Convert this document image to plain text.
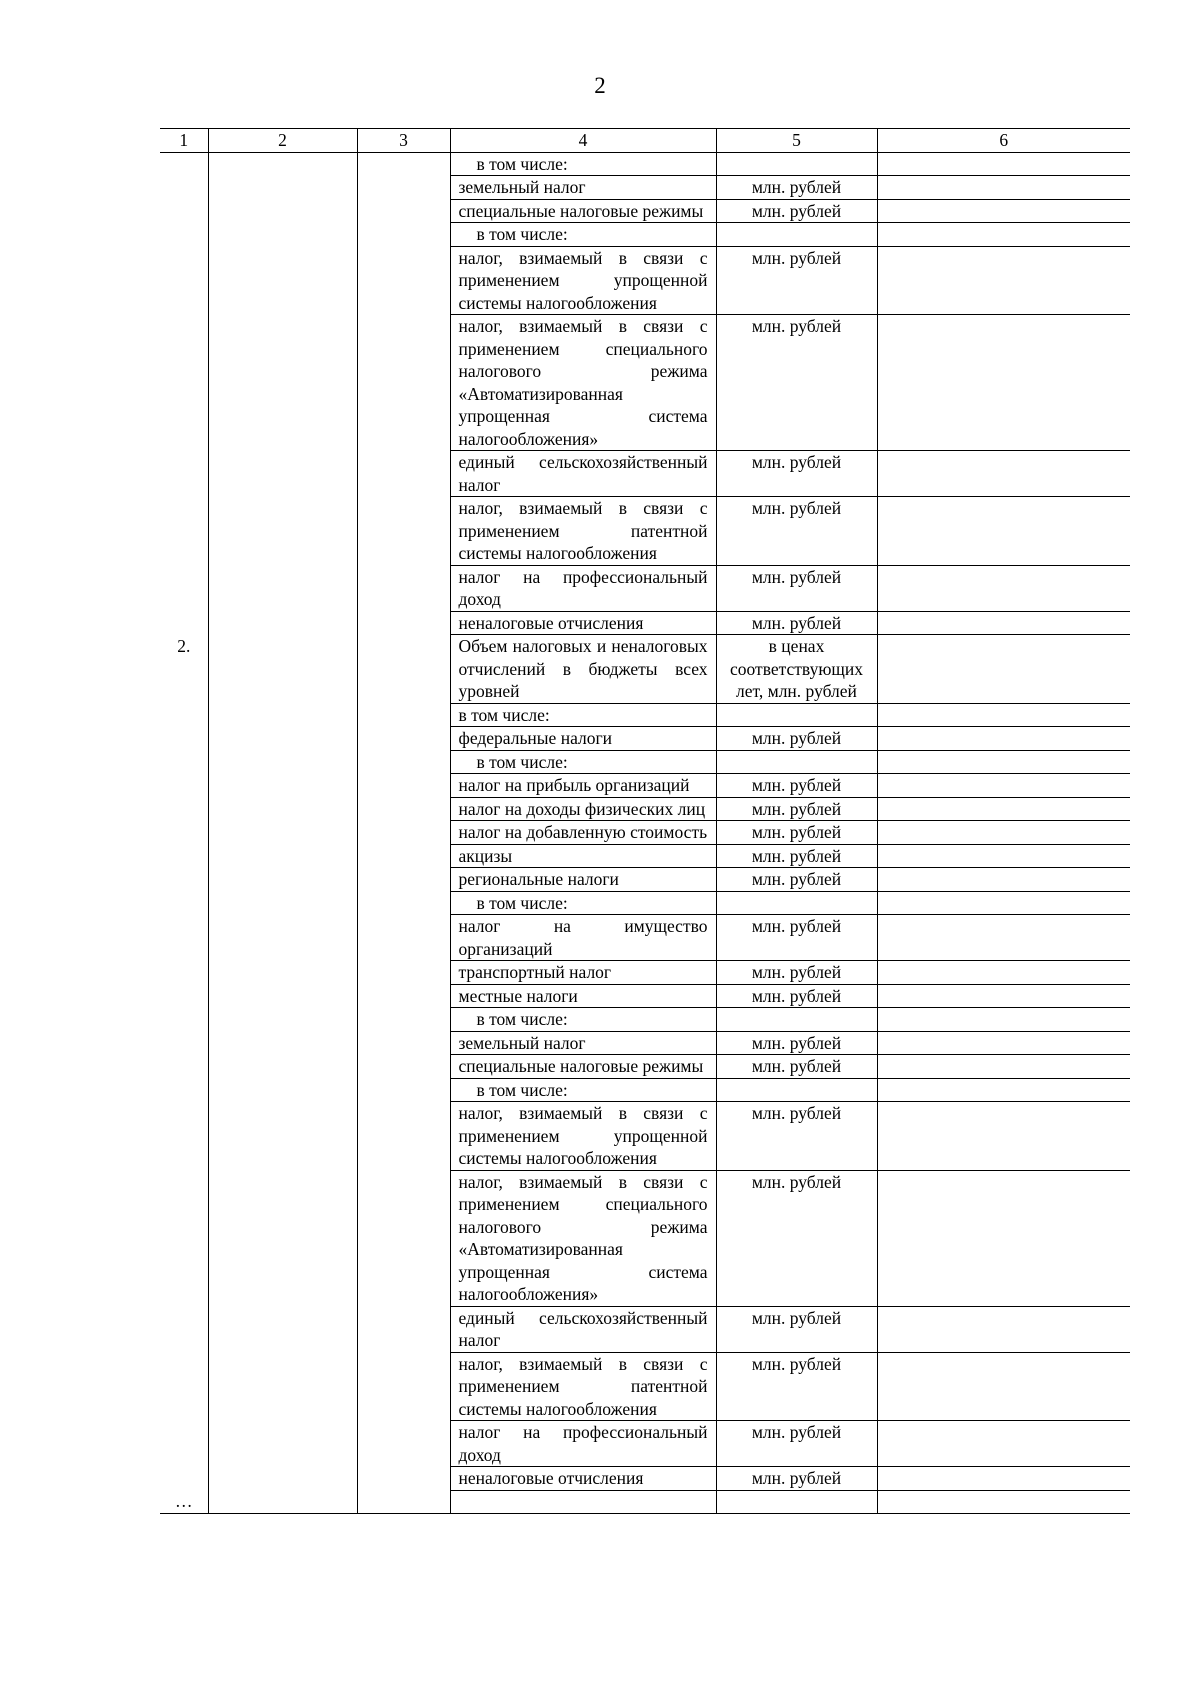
2
1	2	3	4	5	6
			в том числе:		
			земельный налог	млн. рублей	
			специальные налоговые режимы	млн. рублей	
			в том числе:		
			налог, взимаемый в связи с применением упрощенной системы налогообложения	млн. рублей	
			налог, взимаемый в связи с применением специального налогового режима «Автоматизированная упрощенная система налогообложения»	млн. рублей	
			единый сельскохозяйственный налог	млн. рублей	
			налог, взимаемый в связи с применением патентной системы налогообложения	млн. рублей	
			налог на профессиональный доход	млн. рублей	
			неналоговые отчисления	млн. рублей	

2.			Объем налоговых и неналоговых отчислений в бюджеты всех уровней	в ценах соответствующих лет, млн. рублей	
			в том числе:		
			федеральные налоги	млн. рублей	
			в том числе:		
			налог на прибыль организаций	млн. рублей	
			налог на доходы физических лиц	млн. рублей	
			налог на добавленную стоимость	млн. рублей	
			акцизы	млн. рублей	
			региональные налоги	млн. рублей	
			в том числе:		
			налог на имущество организаций	млн. рублей	
			транспортный налог	млн. рублей	
			местные налоги	млн. рублей	
			в том числе:		
			земельный налог	млн. рублей	
			специальные налоговые режимы	млн. рублей	
			в том числе:		
			налог, взимаемый в связи с применением упрощенной системы налогообложения	млн. рублей	
			налог, взимаемый в связи с применением специального налогового режима «Автоматизированная упрощенная система налогообложения»	млн. рублей	
			единый сельскохозяйственный налог	млн. рублей	
			налог, взимаемый в связи с применением патентной системы налогообложения	млн. рублей	
			налог на профессиональный доход	млн. рублей	
			неналоговые отчисления	млн. рублей	
…					
